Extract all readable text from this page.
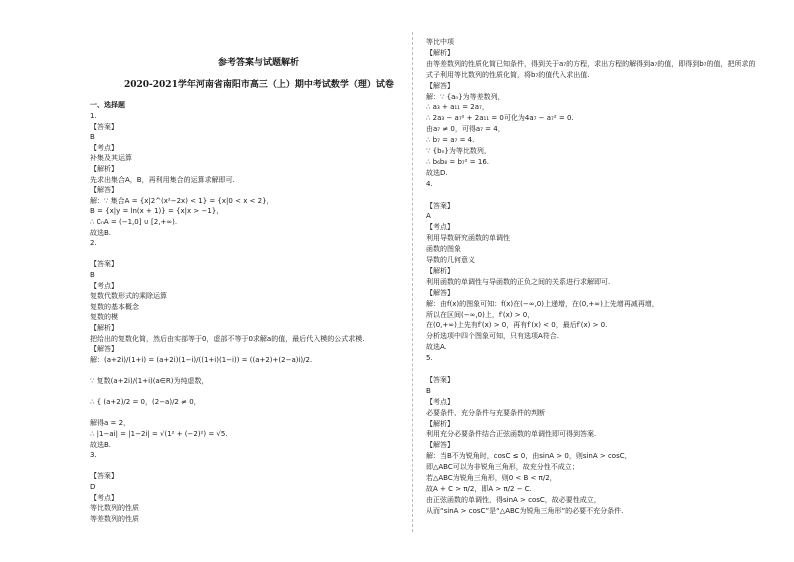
参考答案与试题解析
2020-2021学年河南省南阳市高三（上）期中考试数学（理）试卷
一、选择题
1.
【答案】
B
【考点】
补集及其运算
【解析】
先求出集合A，B，再利用集合的运算求解即可.
【解答】
解：∵ 集合A = {x|2^(x²−2x) < 1} = {x|0 < x < 2}，
B = {x|y = ln(x + 1)} = {x|x > −1}，
∴ ∁ₙA = (−1,0] ∪ [2,+∞).
故选B.
2.
【答案】
B
【考点】
复数代数形式的乘除运算
复数的基本概念
复数的模
【解析】
把给出的复数化简，然后由实部等于0，虚部不等于0求解a的值，最后代入模的公式求模.
【解答】
解：(a+2i)/(1+i) = (a+2i)(1−i)/((1+i)(1−i)) = ((a+2)+(2−a)i)/2.
∵ 复数(a+2i)/(1+i)(a∈R)为纯虚数，
∴ { (a+2)/2 = 0，(2−a)/2 ≠ 0，
解得a = 2，
∴ |1−ai| = |1−2i| = √(1² + (−2)²) = √5.
故选B.
3.
【答案】
D
【考点】
等比数列的性质
等差数列的性质
等比中项
【解析】
由等差数列的性质化简已知条件，得到关于a₇的方程，求出方程的解得到a₇的值，即得到b₇的值，把所求的
式子利用等比数列的性质化简，将b₇的值代入求出值.
【解答】
解：∵ {aₙ}为等差数列，
∴ a₃ + a₁₁ = 2a₇，
∴ 2a₃ − a₇² + 2a₁₁ = 0可化为4a₇ − a₇² = 0.
由a₇ ≠ 0，可得a₇ = 4，
∴ b₇ = a₇ = 4.
∵ {bₙ}为等比数列，
∴ b₆b₈ = b₇² = 16.
故选D.
4.
【答案】
A
【考点】
利用导数研究函数的单调性
函数的图象
导数的几何意义
【解析】
利用函数的单调性与导函数的正负之间的关系进行求解即可.
【解答】
解：由f(x)的图象可知：f(x)在(−∞,0)上递增，在(0,+∞)上先增再减再增，
所以在区间(−∞,0)上，f′(x) > 0，
在(0,+∞)上先有f′(x) > 0，再有f′(x) < 0，最后f′(x) > 0.
分析选项中四个图象可知，只有选项A符合.
故选A.
5.
【答案】
B
【考点】
必要条件、充分条件与充要条件的判断
【解析】
利用充分必要条件结合正弦函数的单调性即可得到答案.
【解答】
解：当B不为锐角时，cosC ≤ 0，由sinA > 0，则sinA > cosC，
即△ABC可以为非锐角三角形，故充分性不成立；
若△ABC为锐角三角形，则0 < B < π/2，
故A + C > π/2，即A > π/2 − C.
由正弦函数的单调性，得sinA > cosC，故必要性成立，
从而“sinA > cosC”是“△ABC为锐角三角形”的必要不充分条件.
